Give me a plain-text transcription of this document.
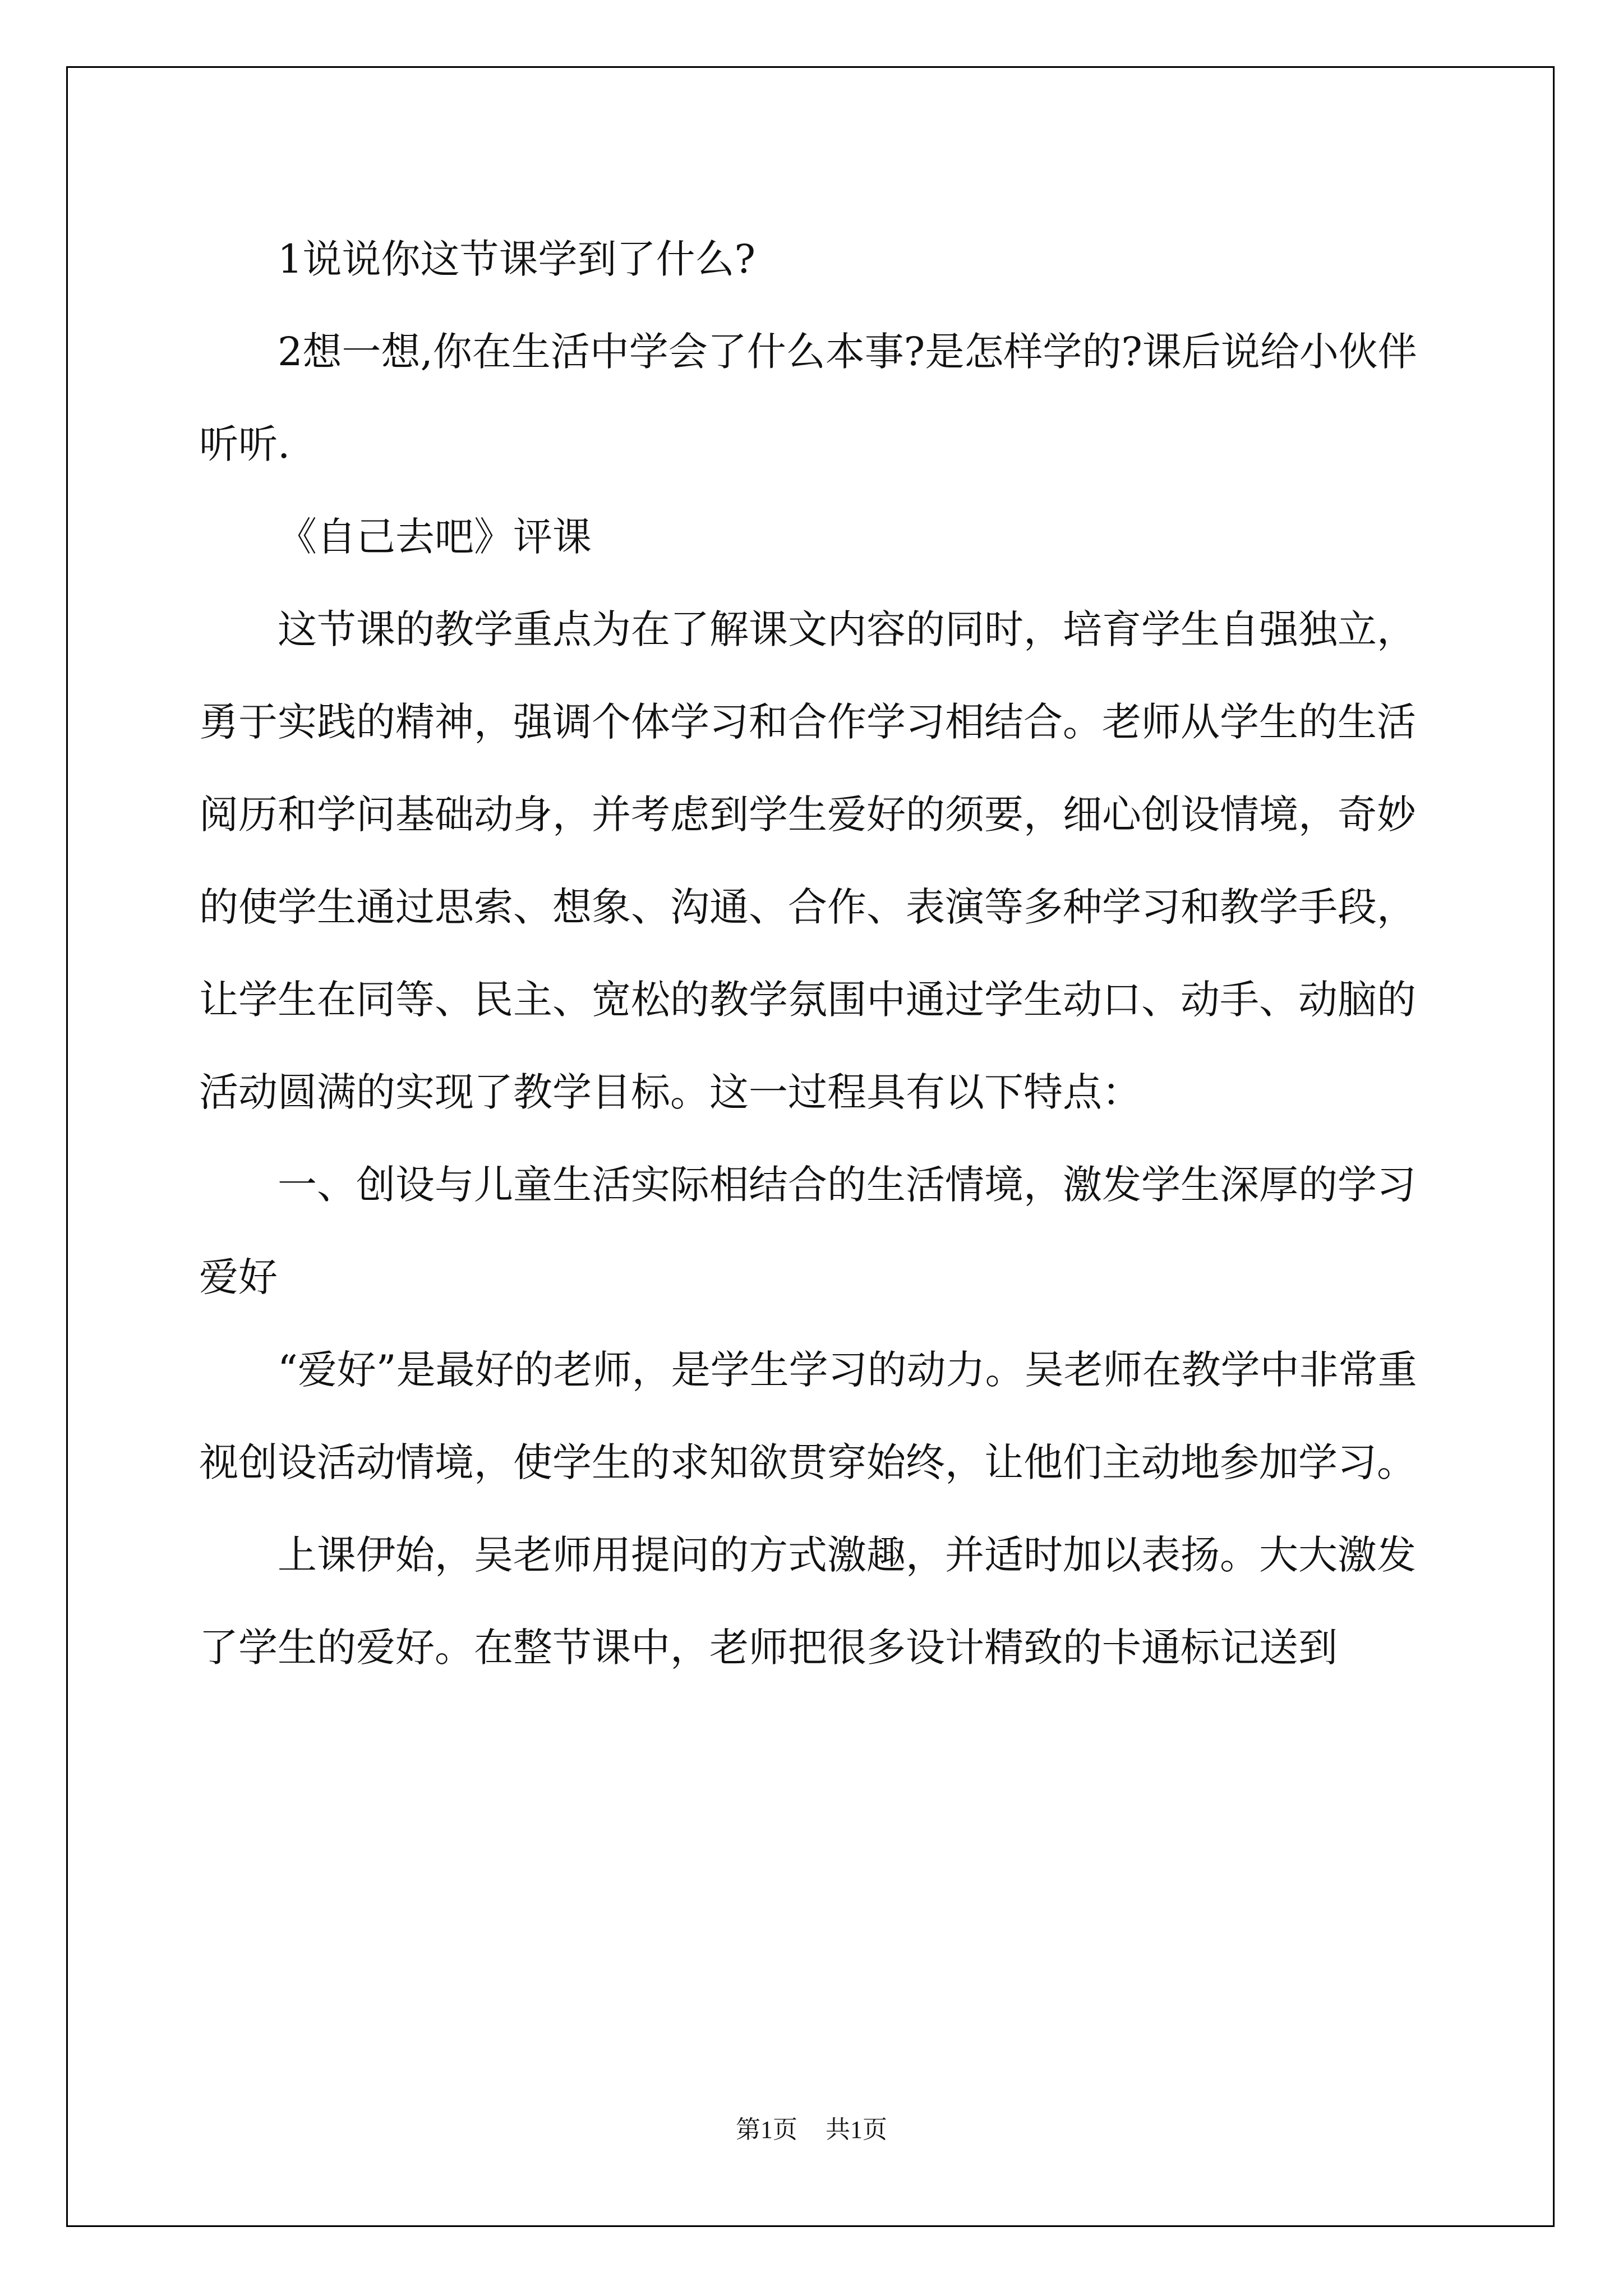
1说说你这节课学到了什么?

2想一想,你在生活中学会了什么本事?是怎样学的?课后说给小伙伴听听.

《自己去吧》评课

这节课的教学重点为在了解课文内容的同时，培育学生自强独立，勇于实践的精神，强调个体学习和合作学习相结合。老师从学生的生活阅历和学问基础动身，并考虑到学生爱好的须要，细心创设情境，奇妙的使学生通过思索、想象、沟通、合作、表演等多种学习和教学手段，让学生在同等、民主、宽松的教学氛围中通过学生动口、动手、动脑的活动圆满的实现了教学目标。这一过程具有以下特点：

一、创设与儿童生活实际相结合的生活情境，激发学生深厚的学习爱好

“爱好”是最好的老师，是学生学习的动力。吴老师在教学中非常重视创设活动情境，使学生的求知欲贯穿始终，让他们主动地参加学习。

上课伊始，吴老师用提问的方式激趣，并适时加以表扬。大大激发了学生的爱好。在整节课中，老师把很多设计精致的卡通标记送到

第1页 共1页
